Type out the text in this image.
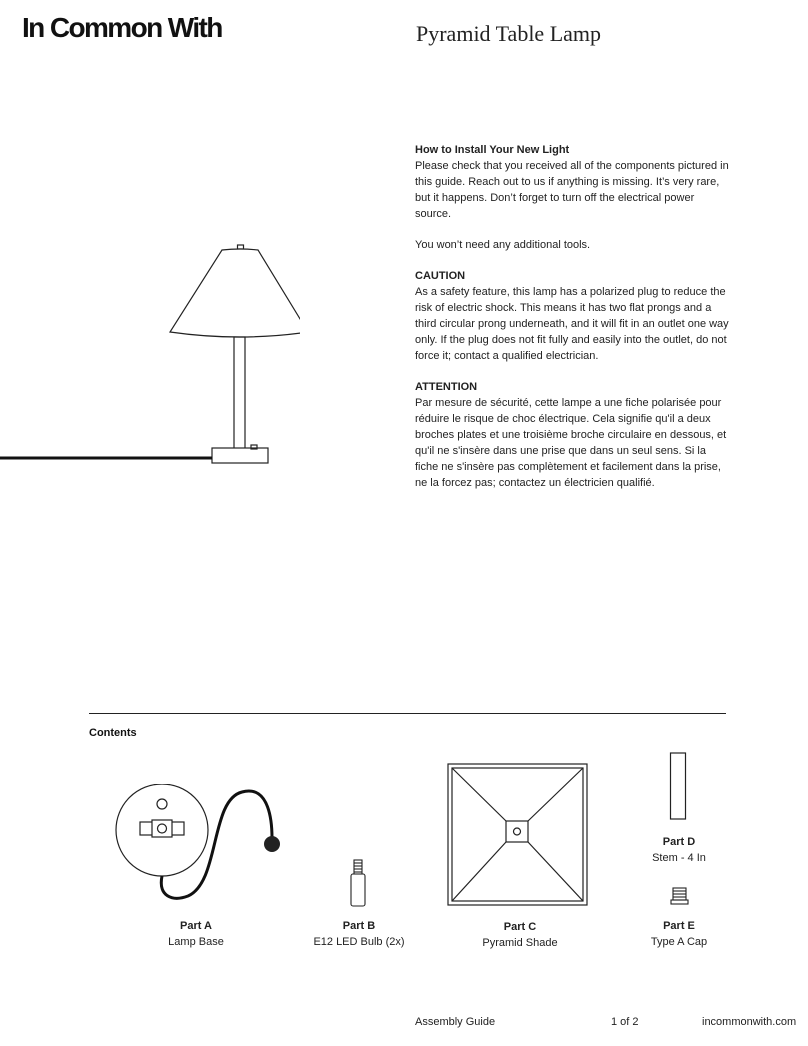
In Common With	Pyramid Table Lamp
How to Install Your New Light
Please check that you received all of the components pictured in this guide. Reach out to us if anything is missing. It’s very rare, but it happens. Don’t forget to turn off the electrical power source.
You won’t need any additional tools.
CAUTION
As a safety feature, this lamp has a polarized plug to reduce the risk of electric shock. This means it has two flat prongs and a third circular prong underneath, and it will fit in an outlet one way only. If the plug does not fit fully and easily into the outlet, do not force it; contact a qualified electrician.
ATTENTION
Par mesure de sécurité, cette lampe a une fiche polarisée pour réduire le risque de choc électrique. Cela signifie qu'il a deux broches plates et une troisième broche circulaire en dessous, et qu'il ne s'insère dans une prise que dans un seul sens. Si la fiche ne s'insère pas complètement et facilement dans la prise, ne la forcez pas; contactez un électricien qualifié.
Contents
Part A
Lamp Base
Part B
E12 LED Bulb (2x)
Part C
Pyramid Shade
Part D
Stem - 4 In
Part E
Type A Cap
Assembly Guide	1 of 2	incommonwith.com
